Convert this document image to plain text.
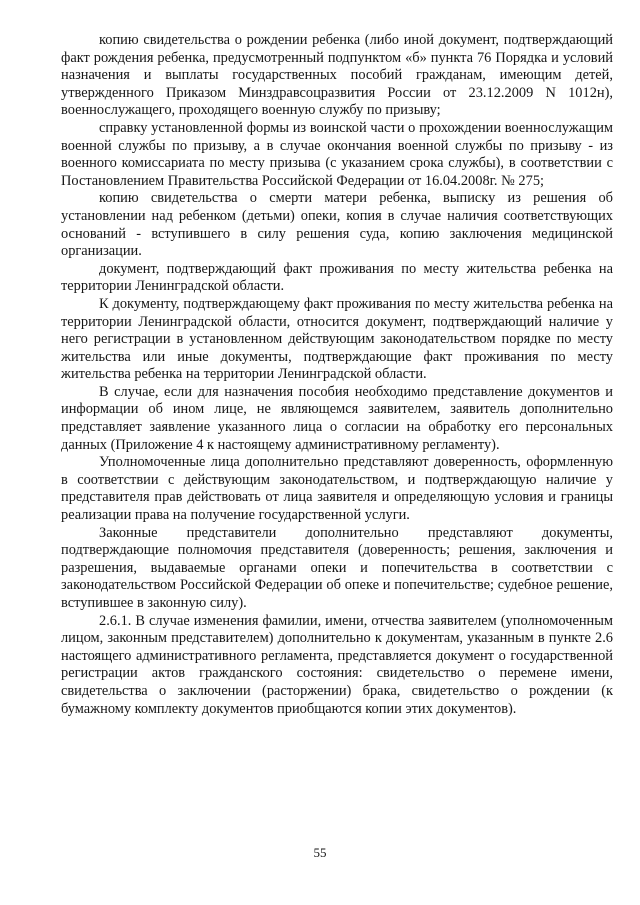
копию свидетельства о рождении ребенка (либо иной документ, подтверждающий факт рождения ребенка, предусмотренный подпунктом «б» пункта 76 Порядка и условий назначения и выплаты государственных пособий гражданам, имеющим детей, утвержденного Приказом Минздравсоцразвития России от 23.12.2009 N 1012н), военнослужащего, проходящего военную службу по призыву;

справку установленной формы из воинской части о прохождении военнослужащим военной службы по призыву, а в случае окончания военной службы по призыву - из военного комиссариата по месту призыва (с указанием срока службы), в соответствии с Постановлением Правительства Российской Федерации от 16.04.2008г. № 275;

копию свидетельства о смерти матери ребенка, выписку из решения об установлении над ребенком (детьми) опеки, копия в случае наличия соответствующих оснований - вступившего в силу решения суда, копию заключения медицинской организации.

документ, подтверждающий факт проживания по месту жительства ребенка на территории Ленинградской области.

К документу, подтверждающему факт проживания по месту жительства ребенка на территории Ленинградской области, относится документ, подтверждающий наличие у него регистрации в установленном действующим законодательством порядке по месту жительства или иные документы, подтверждающие факт проживания по месту жительства ребенка на территории Ленинградской области.

В случае, если для назначения пособия необходимо представление документов и информации об ином лице, не являющемся заявителем, заявитель дополнительно представляет заявление указанного лица о согласии на обработку его персональных данных (Приложение 4 к настоящему административному регламенту).

Уполномоченные лица дополнительно представляют доверенность, оформленную в соответствии с действующим законодательством, и подтверждающую наличие у представителя прав действовать от лица заявителя и определяющую условия и границы реализации права на получение государственной услуги.

Законные представители дополнительно представляют документы, подтверждающие полномочия представителя (доверенность; решения, заключения и разрешения, выдаваемые органами опеки и попечительства в соответствии с законодательством Российской Федерации об опеке и попечительстве; судебное решение, вступившее в законную силу).

2.6.1. В случае изменения фамилии, имени, отчества заявителем (уполномоченным лицом, законным представителем) дополнительно к документам, указанным в пункте 2.6 настоящего административного регламента, представляется документ о государственной регистрации актов гражданского состояния: свидетельство о перемене имени, свидетельства о заключении (расторжении) брака, свидетельство о рождении (к бумажному комплекту документов приобщаются копии этих документов).

55
